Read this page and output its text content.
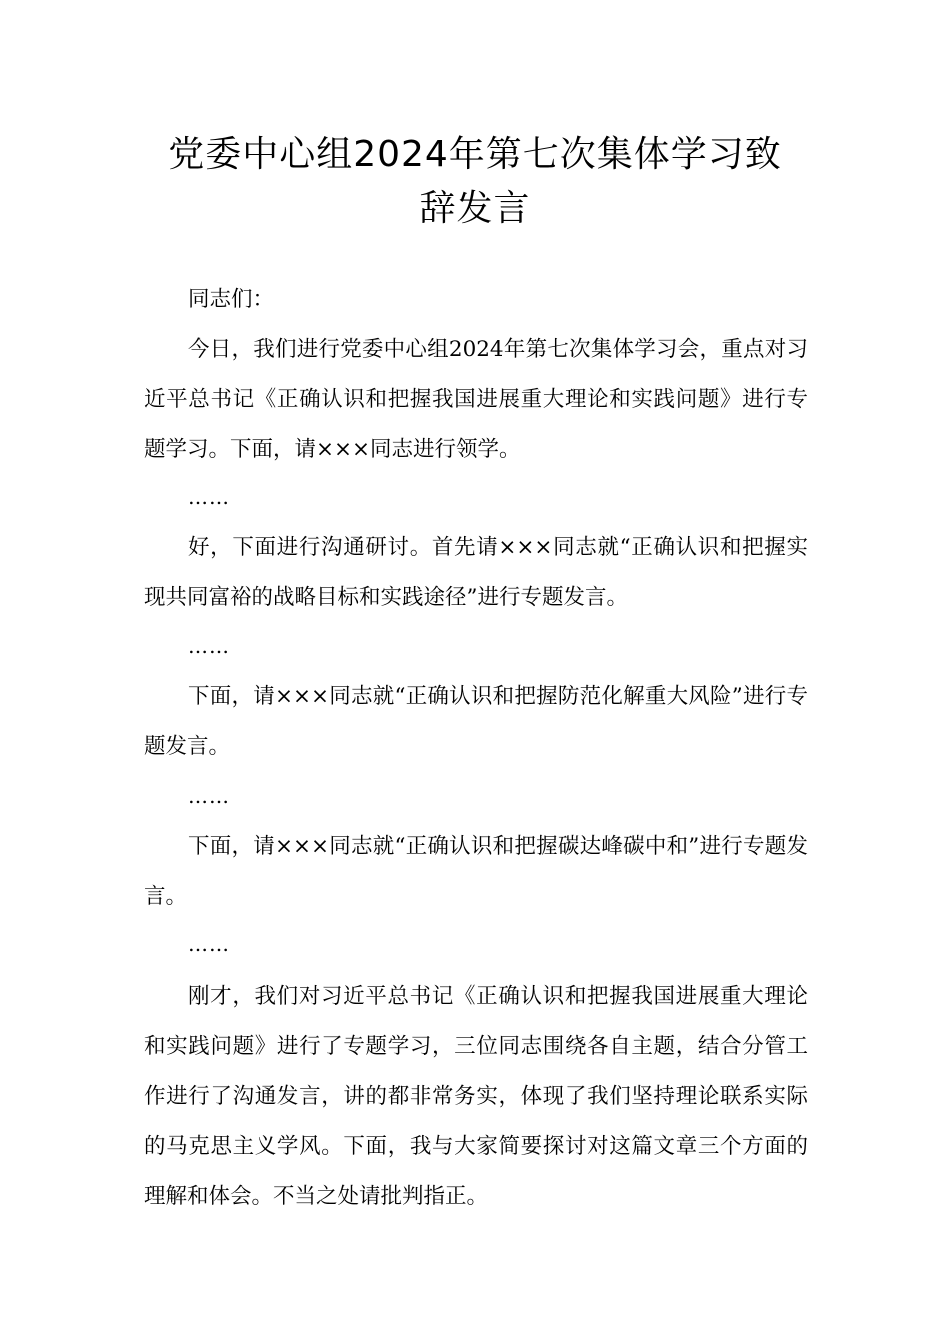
党委中心组2024年第七次集体学习致
辞发言

同志们：

今日，我们进行党委中心组2024年第七次集体学习会，重点对习近平总书记《正确认识和把握我国进展重大理论和实践问题》进行专题学习。下面，请×××同志进行领学。

……

好，下面进行沟通研讨。首先请×××同志就“正确认识和把握实现共同富裕的战略目标和实践途径”进行专题发言。

……

下面，请×××同志就“正确认识和把握防范化解重大风险”进行专题发言。

……

下面，请×××同志就“正确认识和把握碳达峰碳中和”进行专题发言。

……

刚才，我们对习近平总书记《正确认识和把握我国进展重大理论和实践问题》进行了专题学习，三位同志围绕各自主题，结合分管工作进行了沟通发言，讲的都非常务实，体现了我们坚持理论联系实际的马克思主义学风。下面，我与大家简要探讨对这篇文章三个方面的理解和体会。不当之处请批判指正。
